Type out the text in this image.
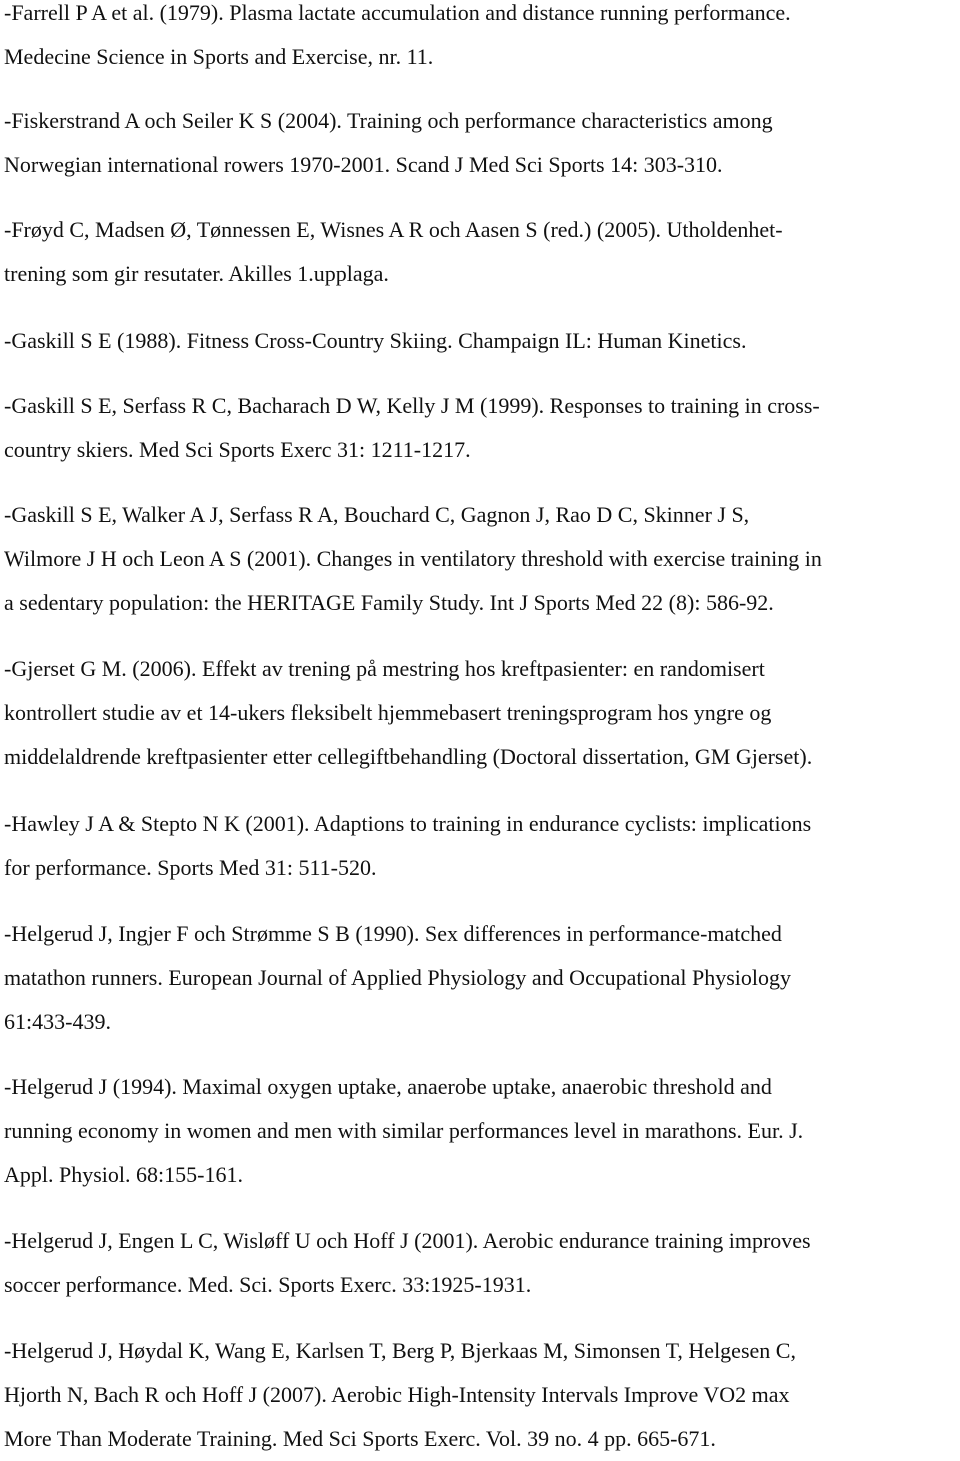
-Farrell P A et al. (1979). Plasma lactate accumulation and distance running performance.
Medecine Science in Sports and Exercise, nr. 11.

-Fiskerstrand A och Seiler K S (2004). Training och performance characteristics among
Norwegian international rowers 1970-2001. Scand J Med Sci Sports 14: 303-310.

-Frøyd C, Madsen Ø, Tønnessen E, Wisnes A R och Aasen S (red.) (2005). Utholdenhet-
trening som gir resutater. Akilles 1.upplaga.

-Gaskill S E (1988). Fitness Cross-Country Skiing. Champaign IL: Human Kinetics.

-Gaskill S E, Serfass R C, Bacharach D W, Kelly J M (1999). Responses to training in cross-
country skiers. Med Sci Sports Exerc 31: 1211-1217.

-Gaskill S E, Walker A J, Serfass R A, Bouchard C, Gagnon J, Rao D C, Skinner J S,
Wilmore J H och Leon A S (2001). Changes in ventilatory threshold with exercise training in
a sedentary population: the HERITAGE Family Study. Int J Sports Med 22 (8): 586-92.

-Gjerset G M. (2006). Effekt av trening på mestring hos kreftpasienter: en randomisert
kontrollert studie av et 14-ukers fleksibelt hjemmebasert treningsprogram hos yngre og
middelaldrende kreftpasienter etter cellegiftbehandling (Doctoral dissertation, GM Gjerset).

-Hawley J A & Stepto N K (2001). Adaptions to training in endurance cyclists: implications
for performance. Sports Med 31: 511-520.

-Helgerud J, Ingjer F och Strømme S B (1990). Sex differences in performance-matched
matathon runners. European Journal of Applied Physiology and Occupational Physiology
61:433-439.

-Helgerud J (1994). Maximal oxygen uptake, anaerobe uptake, anaerobic threshold and
running economy in women and men with similar performances level in marathons. Eur. J.
Appl. Physiol. 68:155-161.

-Helgerud J, Engen L C, Wisløff U och Hoff J (2001). Aerobic endurance training improves
soccer performance. Med. Sci. Sports Exerc. 33:1925-1931.

-Helgerud J, Høydal K, Wang E, Karlsen T, Berg P, Bjerkaas M, Simonsen T, Helgesen C,
Hjorth N, Bach R och Hoff J (2007). Aerobic High-Intensity Intervals Improve VO2 max
More Than Moderate Training. Med Sci Sports Exerc. Vol. 39 no. 4 pp. 665-671.
